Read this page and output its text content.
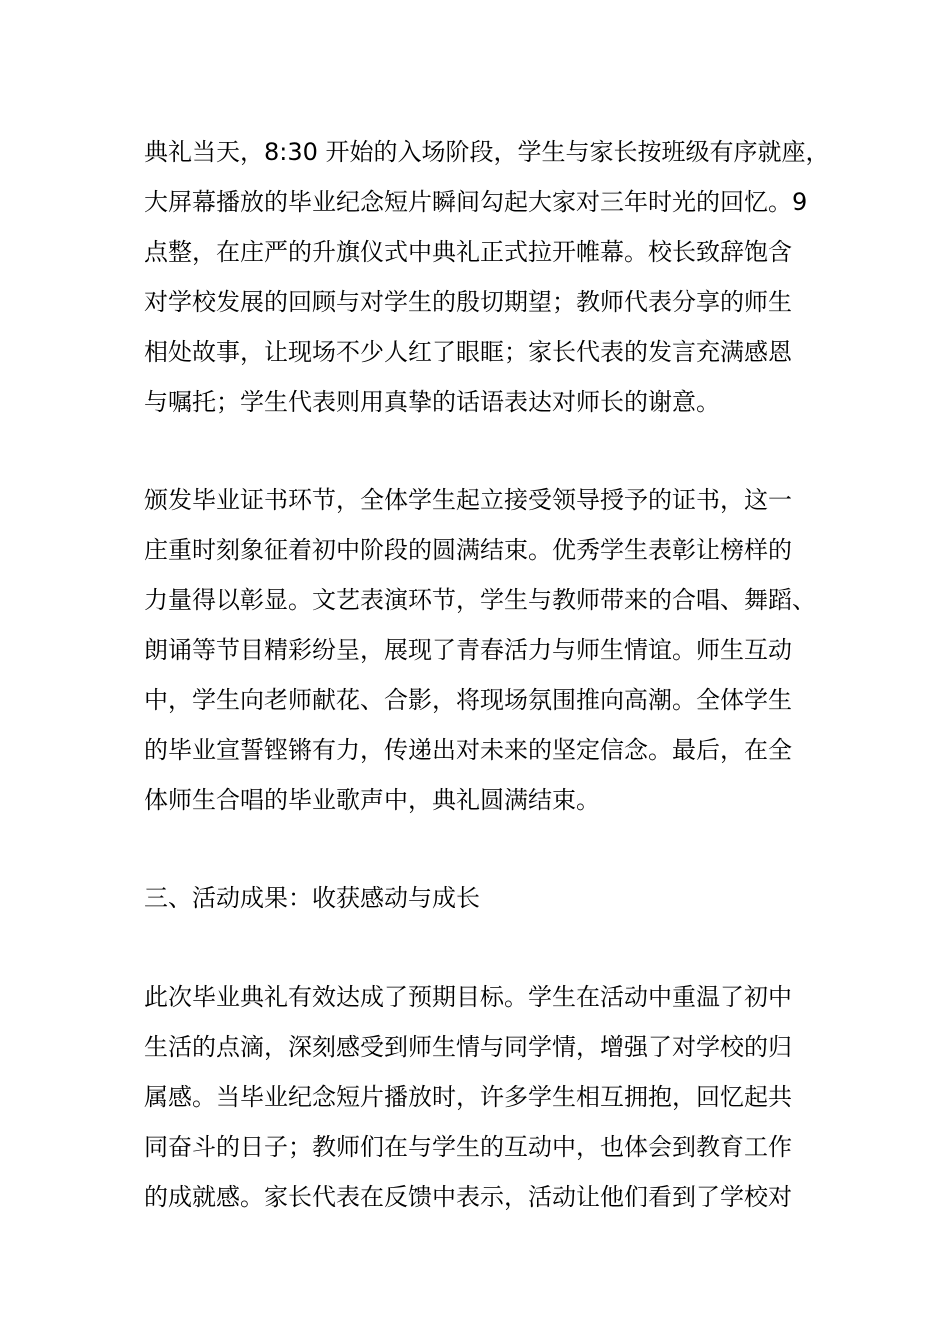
典礼当天，8:30 开始的入场阶段，学生与家长按班级有序就座，
大屏幕播放的毕业纪念短片瞬间勾起大家对三年时光的回忆。9
点整，在庄严的升旗仪式中典礼正式拉开帷幕。校长致辞饱含
对学校发展的回顾与对学生的殷切期望；教师代表分享的师生
相处故事，让现场不少人红了眼眶；家长代表的发言充满感恩
与嘱托；学生代表则用真挚的话语表达对师长的谢意。
颁发毕业证书环节，全体学生起立接受领导授予的证书，这一
庄重时刻象征着初中阶段的圆满结束。优秀学生表彰让榜样的
力量得以彰显。文艺表演环节，学生与教师带来的合唱、舞蹈、
朗诵等节目精彩纷呈，展现了青春活力与师生情谊。师生互动
中，学生向老师献花、合影，将现场氛围推向高潮。全体学生
的毕业宣誓铿锵有力，传递出对未来的坚定信念。最后，在全
体师生合唱的毕业歌声中，典礼圆满结束。
三、活动成果：收获感动与成长
此次毕业典礼有效达成了预期目标。学生在活动中重温了初中
生活的点滴，深刻感受到师生情与同学情，增强了对学校的归
属感。当毕业纪念短片播放时，许多学生相互拥抱，回忆起共
同奋斗的日子；教师们在与学生的互动中，也体会到教育工作
的成就感。家长代表在反馈中表示，活动让他们看到了学校对
